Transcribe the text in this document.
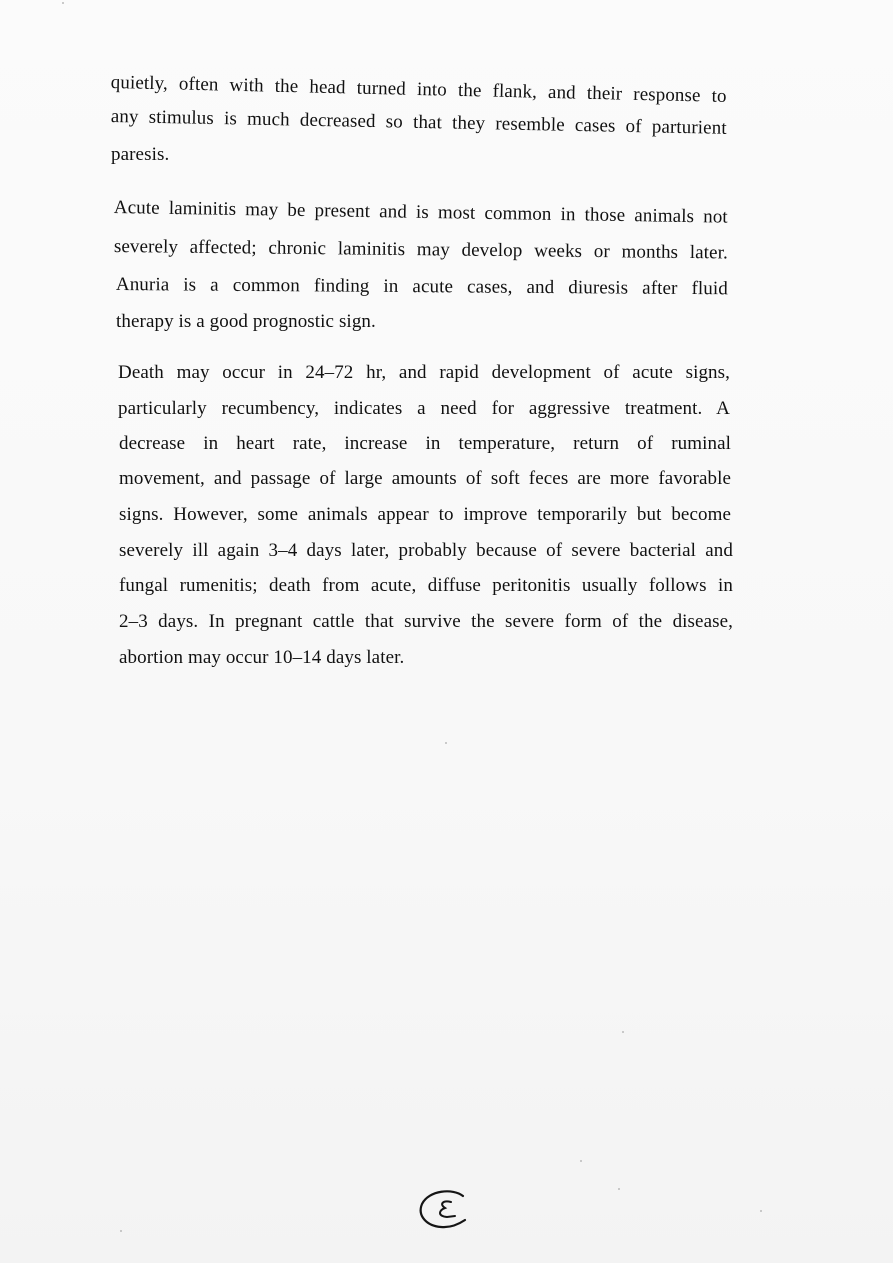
quietly, often with the head turned into the flank, and their response to
any stimulus is much decreased so that they resemble cases of parturient
paresis.
Acute laminitis may be present and is most common in those animals not
severely affected; chronic laminitis may develop weeks or months later.
Anuria is a common finding in acute cases, and diuresis after fluid
therapy is a good prognostic sign.
Death may occur in 24–72 hr, and rapid development of acute signs,
particularly recumbency, indicates a need for aggressive treatment. A
decrease in heart rate, increase in temperature, return of ruminal
movement, and passage of large amounts of soft feces are more favorable
signs. However, some animals appear to improve temporarily but become
severely ill again 3–4 days later, probably because of severe bacterial and
fungal rumenitis; death from acute, diffuse peritonitis usually follows in
2–3 days. In pregnant cattle that survive the severe form of the disease,
abortion may occur 10–14 days later.
